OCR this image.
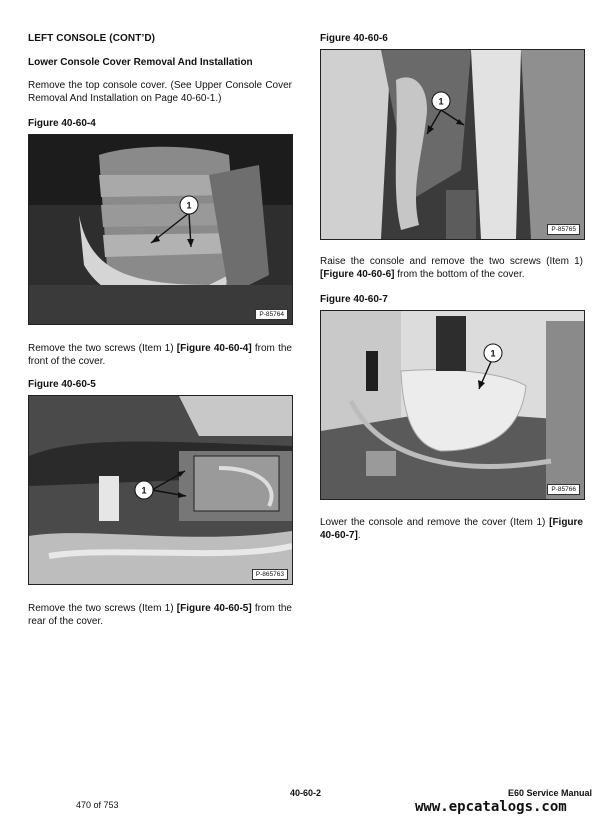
LEFT CONSOLE (CONT’D)
Lower Console Cover Removal And Installation
Remove the top console cover. (See Upper Console Cover Removal And Installation on Page 40-60-1.)
Figure 40-60-4
1
P-85764
Remove the two screws (Item 1) [Figure 40-60-4] from the front of the cover.
Figure 40-60-5
1
P-865763
Remove the two screws (Item 1) [Figure 40-60-5] from the rear of the cover.
Figure 40-60-6
1
P-85765
Raise the console and remove the two screws (Item 1) [Figure 40-60-6] from the bottom of the cover.
Figure 40-60-7
1
P-85766
Lower the console and remove the cover (Item 1) [Figure 40-60-7].
40-60-2	E60 Service Manual
470 of 753	www.epcatalogs.com
